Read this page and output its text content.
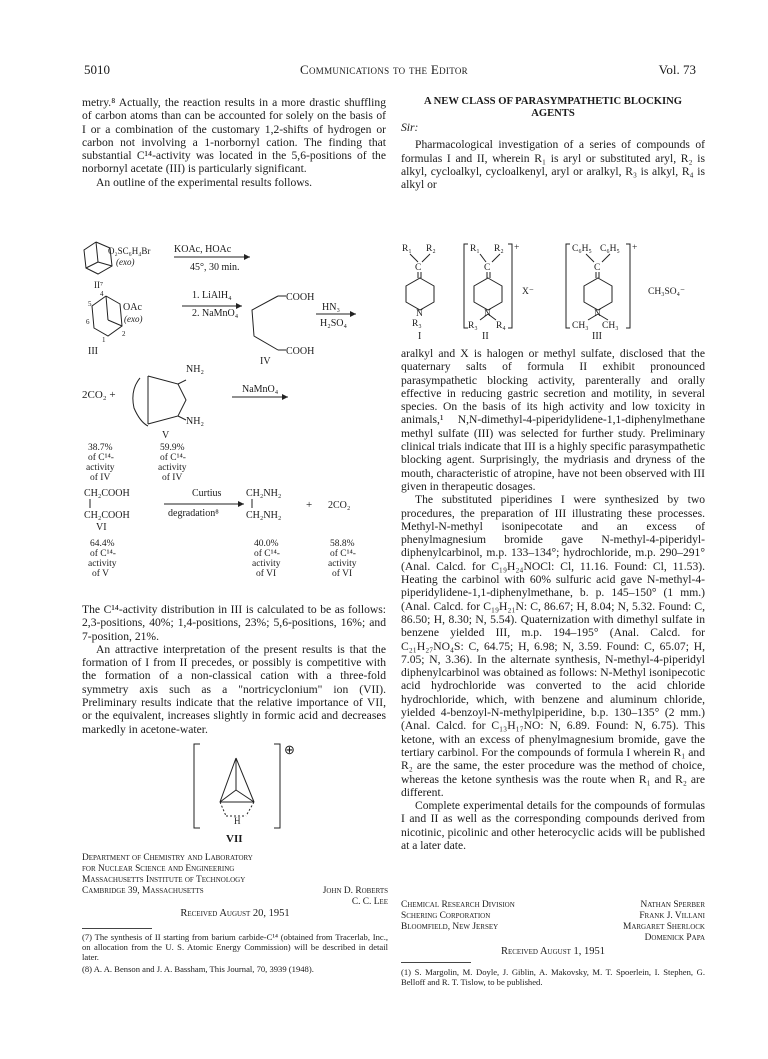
5010	Communications to the Editor	Vol. 73

metry.⁸ Actually, the reaction results in a more drastic shuffling of carbon atoms than can be accounted for solely on the basis of I or a combination of the customary 1,2-shifts of hydrogen or carbon not involving a 1-norbornyl cation. The finding that substantial C¹⁴-activity was located in the 5,6-positions of the norbornyl acetate (III) is particularly significant.

An outline of the experimental results follows.

O₂SC₆H₄Br
(exo)
II⁷
KOAc, HOAc
45°, 30 min.
5
4
6
1
2
OAc
(exo)
III
1. LiAlH₄
2. NaMnO₄
COOH
COOH
HN₃
H₂SO₄
IV
2CO₂ +
NH₂
NH₂
NaMnO₄
V
38.7%
of C¹⁴-
activity
of IV
59.9%
of C¹⁴-
activity
of IV
CH₂COOH
CH₂COOH
Curtius
degradation⁸
CH₂NH₂
CH₂NH₂
+ 2CO₂
VI
64.4%
of C¹⁴-
activity
of V
40.0%
of C¹⁴-
activity
of VI
58.8%
of C¹⁴-
activity
of VI

The C¹⁴-activity distribution in III is calculated to be as follows: 2,3-positions, 40%; 1,4-positions, 23%; 5,6-positions, 16%; and 7-position, 21%.

An attractive interpretation of the present results is that the formation of I from II precedes, or possibly is competitive with the formation of a non-classical cation with a three-fold symmetry axis such as a "nortricyclonium" ion (VII). Preliminary results indicate that the relative importance of VII, or the equivalent, increases slightly in formic acid and decreases markedly in acetone-water.

H
⊕
VII
Department of Chemistry and Laboratory
for Nuclear Science and Engineering
Massachusetts Institute of Technology
Cambridge 39, Massachusetts	John D. Roberts
C. C. Lee
Received August 20, 1951
(7) The synthesis of II starting from barium carbide-C¹⁴ (obtained from Tracerlab, Inc., on allocation from the U. S. Atomic Energy Commission) will be described in detail later.
(8) A. A. Benson and J. A. Bassham, This Journal, 70, 3939 (1948).
A NEW CLASS OF PARASYMPATHETIC BLOCKING
AGENTS
Sir:

Pharmacological investigation of a series of compounds of formulas I and II, wherein R₁ is aryl or substituted aryl, R₂ is alkyl, cycloalkyl, cycloalkenyl, aryl or aralkyl, R₃ is alkyl, R₄ is alkyl or

R₁ R₂
C
N
R₃
R₁ R₂ +
C
N
R₃ R₄
X⁻
C₆H₅ C₆H₅ +
C
N
CH₃ CH₃
CH₃SO₄⁻
I	II	III

aralkyl and X is halogen or methyl sulfate, disclosed that the quaternary salts of formula II exhibit pronounced parasympathetic blocking activity, parenterally and orally effective in reducing gastric secretion and motility, in several species. On the basis of its high activity and low toxicity in animals,¹ N,N-dimethyl-4-piperidylidene-1,1-diphenylmethane methyl sulfate (III) was selected for further study. Preliminary clinical trials indicate that III is a highly specific parasympathetic blocking agent. Surprisingly, the mydriasis and dryness of the mouth, characteristic of atropine, have not been observed with III given in therapeutic dosages.

The substituted piperidines I were synthesized by two procedures, the preparation of III illustrating these processes. Methyl-N-methyl isonipecotate and an excess of phenylmagnesium bromide gave N-methyl-4-piperidyl-diphenylcarbinol, m.p. 133–134°; hydrochloride, m.p. 290–291° (Anal. Calcd. for C₁₉H₂₄NOCl: Cl, 11.16. Found: Cl, 11.53). Heating the carbinol with 60% sulfuric acid gave N-methyl-4-piperidylidene-1,1-diphenylmethane, b. p. 145–150° (1 mm.) (Anal. Calcd. for C₁₉H₂₁N: C, 86.67; H, 8.04; N, 5.32. Found: C, 86.50; H, 8.30; N, 5.54). Quaternization with dimethyl sulfate in benzene yielded III, m.p. 194–195° (Anal. Calcd. for C₂₁H₂₇NO₄S: C, 64.75; H, 6.98; N, 3.59. Found: C, 65.07; H, 7.05; N, 3.36). In the alternate synthesis, N-methyl-4-piperidyl diphenylcarbinol was obtained as follows: N-Methyl isonipecotic acid hydrochloride was converted to the acid chloride hydrochloride, which, with benzene and aluminum chloride, yielded 4-benzoyl-N-methylpiperidine, b.p. 130–135° (2 mm.) (Anal. Calcd. for C₁₃H₁₇NO: N, 6.89. Found: N, 6.75). This ketone, with an excess of phenylmagnesium bromide, gave the tertiary carbinol. For the compounds of formula I wherein R₁ and R₂ are the same, the ester procedure was the method of choice, whereas the ketone synthesis was the route when R₁ and R₂ are different.

Complete experimental details for the compounds of formulas I and II as well as the corresponding compounds derived from nicotinic, picolinic and other heterocyclic acids will be published at a later date.

Chemical Research Division	Nathan Sperber
Schering Corporation	Frank J. Villani
Bloomfield, New Jersey	Margaret Sherlock
Domenick Papa
Received August 1, 1951
(1) S. Margolin, M. Doyle, J. Giblin, A. Makovsky, M. T. Spoerlein, I. Stephen, G. Belloff and R. T. Tislow, to be published.
